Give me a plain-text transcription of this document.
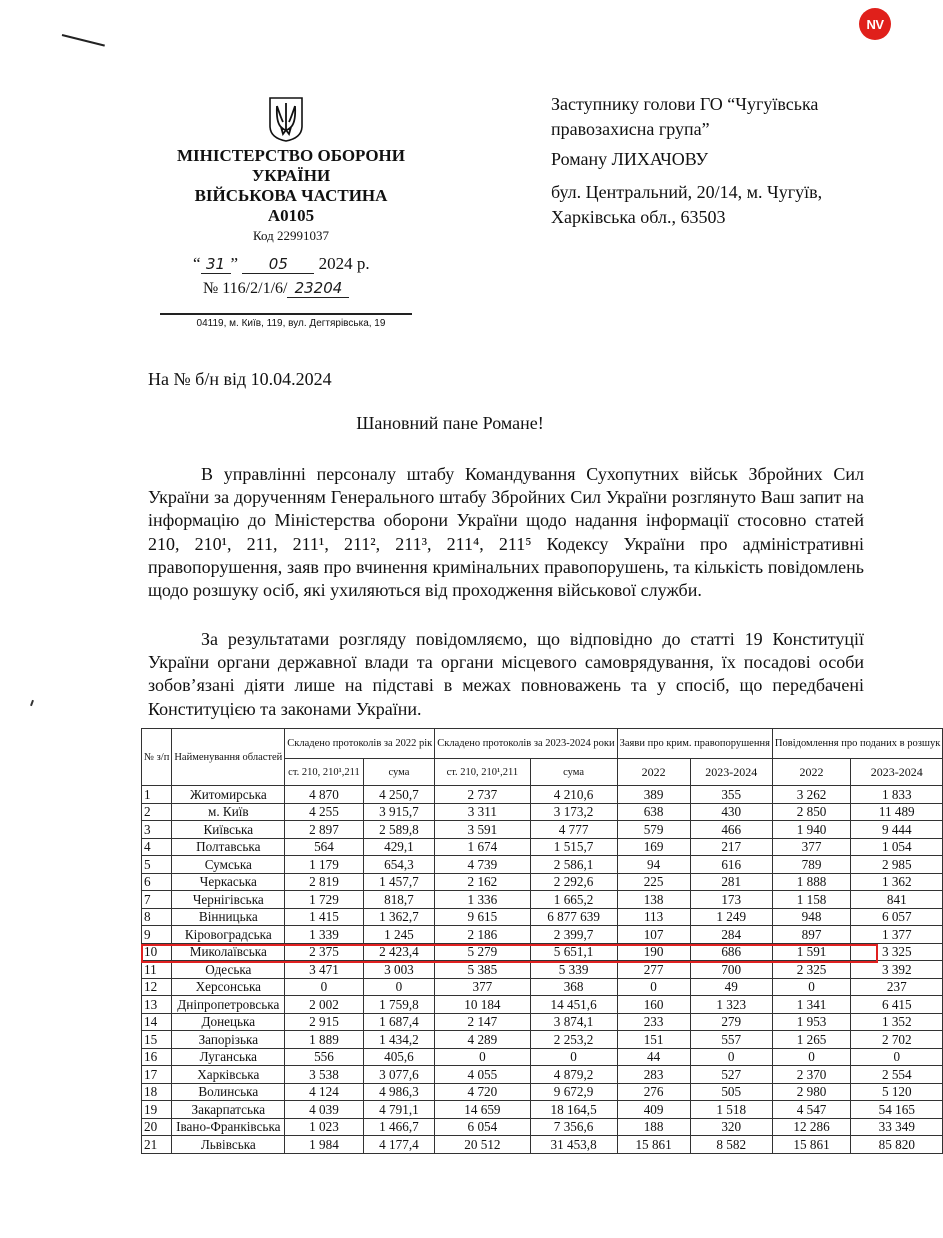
NV
МІНІСТЕРСТВО ОБОРОНИ
УКРАЇНИ
ВІЙСЬКОВА ЧАСТИНА
А0105
Код 22991037
“ 31 ” 05 2024 р.
№ 116/2/1/6/ 23204
04119, м. Київ, 119, вул. Дегтярівська, 19
Заступнику голови ГО “Чугуївська
правозахисна група”
Роману ЛИХАЧОВУ
бул. Центральний, 20/14, м. Чугуїв,
Харківська обл., 63503
На № б/н від 10.04.2024
Шановний пане Романе!
В управлінні персоналу штабу Командування Сухопутних військ Збройних Сил України за дорученням Генерального штабу Збройних Сил України розглянуто Ваш запит на інформацію до Міністерства оборони України щодо надання інформації стосовно статей 210, 210¹, 211, 211¹, 211², 211³, 211⁴, 211⁵ Кодексу України про адміністративні правопорушення, заяв про вчинення кримінальних правопорушень, та кількість повідомлень щодо розшуку осіб, які ухиляються від проходження військової служби.
За результатами розгляду повідомляємо, що відповідно до статті 19 Конституції України органи державної влади та органи місцевого самоврядування, їх посадові особи зобов’язані діяти лише на підставі в межах повноважень та у спосіб, що передбачені Конституцією та законами України.
№ з/п	Найменування областей	Складено протоколів за 2022 рік		Складено протоколів за 2023-2024 роки		Заяви про крим. правопорушення		Повідомлення про поданих в розшук	
		ст. 210, 210¹,211	сума	ст. 210, 210¹,211	сума	2022	2023-2024	2022	2023-2024
1	Житомирська	4 870	4 250,7	2 737	4 210,6	389	355	3 262	1 833
2	м. Київ	4 255	3 915,7	3 311	3 173,2	638	430	2 850	11 489
3	Київська	2 897	2 589,8	3 591	4 777	579	466	1 940	9 444
4	Полтавська	564	429,1	1 674	1 515,7	169	217	377	1 054
5	Сумська	1 179	654,3	4 739	2 586,1	94	616	789	2 985
6	Черкаська	2 819	1 457,7	2 162	2 292,6	225	281	1 888	1 362
7	Чернігівська	1 729	818,7	1 336	1 665,2	138	173	1 158	841
8	Вінницька	1 415	1 362,7	9 615	6 877 639	113	1 249	948	6 057
9	Кіровоградська	1 339	1 245	2 186	2 399,7	107	284	897	1 377
10	Миколаївська	2 375	2 423,4	5 279	5 651,1	190	686	1 591	3 325
11	Одеська	3 471	3 003	5 385	5 339	277	700	2 325	3 392
12	Херсонська	0	0	377	368	0	49	0	237
13	Дніпропетровська	2 002	1 759,8	10 184	14 451,6	160	1 323	1 341	6 415
14	Донецька	2 915	1 687,4	2 147	3 874,1	233	279	1 953	1 352
15	Запорізька	1 889	1 434,2	4 289	2 253,2	151	557	1 265	2 702
16	Луганська	556	405,6	0	0	44	0	0	0
17	Харківська	3 538	3 077,6	4 055	4 879,2	283	527	2 370	2 554
18	Волинська	4 124	4 986,3	4 720	9 672,9	276	505	2 980	5 120
19	Закарпатська	4 039	4 791,1	14 659	18 164,5	409	1 518	4 547	54 165
20	Івано-Франківська	1 023	1 466,7	6 054	7 356,6	188	320	12 286	33 349
21	Львівська	1 984	4 177,4	20 512	31 453,8	15 861	8 582	15 861	85 820
